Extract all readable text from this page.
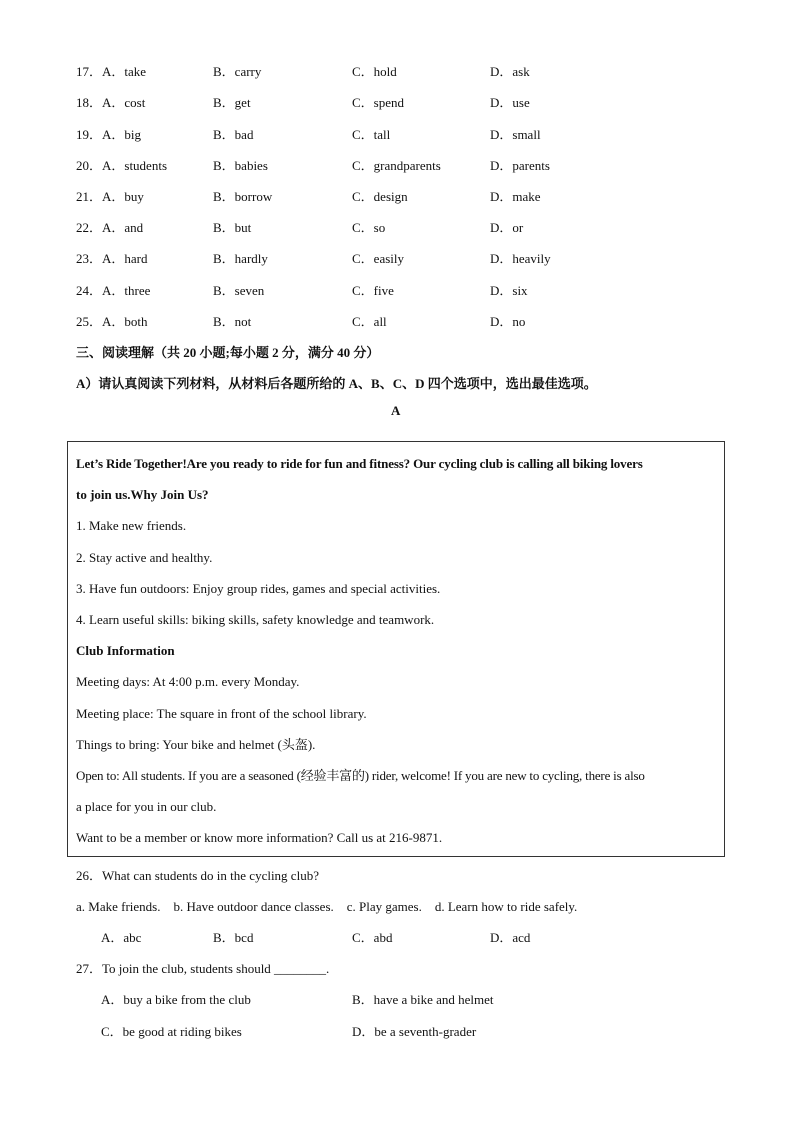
17． A．take	B．carry	C．hold	D．ask
18． A．cost	B．get	C．spend	D．use
19． A．big	B．bad	C．tall	D．small
20． A．students	B．babies	C．grandparents	D．parents
21． A．buy	B．borrow	C．design	D．make
22． A．and	B．but	C．so	D．or
23． A．hard	B．hardly	C．easily	D．heavily
24． A．three	B．seven	C．five	D．six
25． A．both	B．not	C．all	D．no
三、阅读理解（共 20 小题;每小题 2 分，满分 40 分）
A）请认真阅读下列材料，从材料后各题所给的 A、B、C、D 四个选项中，选出最佳选项。
A
Let’s Ride Together!Are you ready to ride for fun and fitness? Our cycling club is calling all biking lovers
to join us.Why Join Us?
1. Make new friends.
2. Stay active and healthy.
3. Have fun outdoors: Enjoy group rides, games and special activities.
4. Learn useful skills: biking skills, safety knowledge and teamwork.
Club Information
Meeting days: At 4:00 p.m. every Monday.
Meeting place: The square in front of the school library.
Things to bring: Your bike and helmet (头盔).
Open to: All students. If you are a seasoned (经验丰富的) rider, welcome! If you are new to cycling, there is also
a place for you in our club.
Want to be a member or know more information? Call us at 216-9871.
26．What can students do in the cycling club?
a. Make friends.    b. Have outdoor dance classes.    c. Play games.    d. Learn how to ride safely.
A．abc	B．bcd	C．abd	D．acd
27．To join the club, students should ________.
A．buy a bike from the club	B．have a bike and helmet
C．be good at riding bikes	D．be a seventh-grader
